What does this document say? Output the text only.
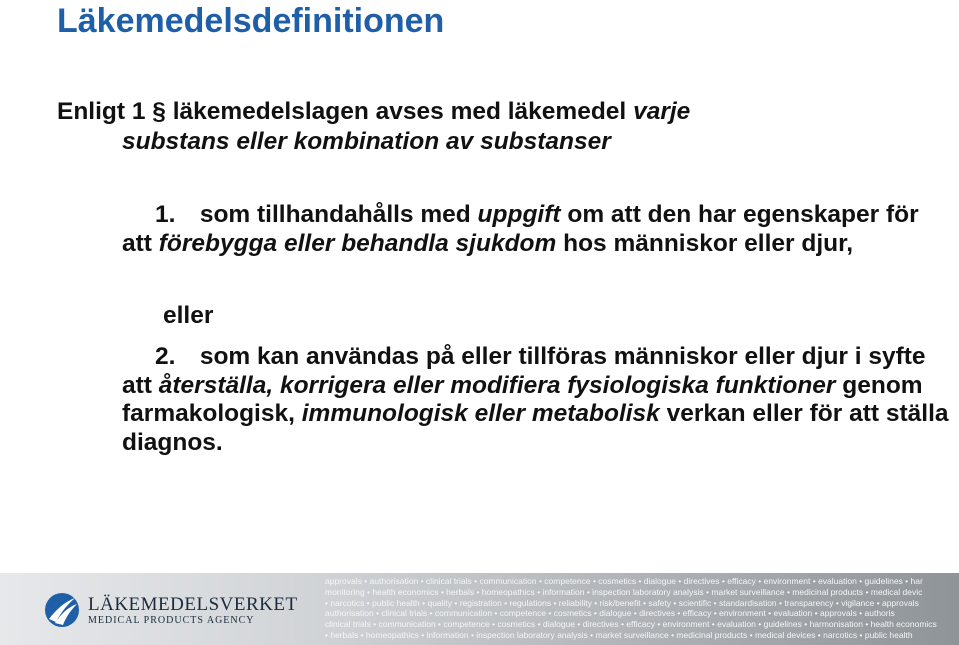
Läkemedelsdefinitionen
Enligt 1 § läkemedelslagen avses med läkemedel varje
substans eller kombination av substanser
1. som tillhandahålls med uppgift om att den har egenskaper för att förebygga eller behandla sjukdom hos människor eller djur,
eller
2. som kan användas på eller tillföras människor eller djur i syfte att återställa, korrigera eller modifiera fysiologiska funktioner genom farmakologisk, immunologisk eller metabolisk verkan eller för att ställa diagnos.
LÄKEMEDELSVERKET
MEDICAL PRODUCTS AGENCY
approvals • authorisation • clinical trials • communication • competence • cosmetics • dialogue • directives • efficacy • environment • evaluation • guidelines • har
monitoring • health economics • herbals • homeopathics • information • inspection laboratory analysis • market surveillance • medicinal products • medical devic
• narcotics • public health • quality • registration • regulations • reliability • risk/benefit • safety • scientific • standardisation • transparency • vigilance • approvals
authorisation • clinical trials • communication • competence • cosmetics • dialogue • directives • efficacy • environment • evaluation • approvals • authoris
clinical trials • communication • competence • cosmetics • dialogue • directives • efficacy • environment • evaluation • guidelines • harmonisation • health economics
• herbals • homeopathics • information • inspection laboratory analysis • market surveillance • medicinal products • medical devices • narcotics • public health
